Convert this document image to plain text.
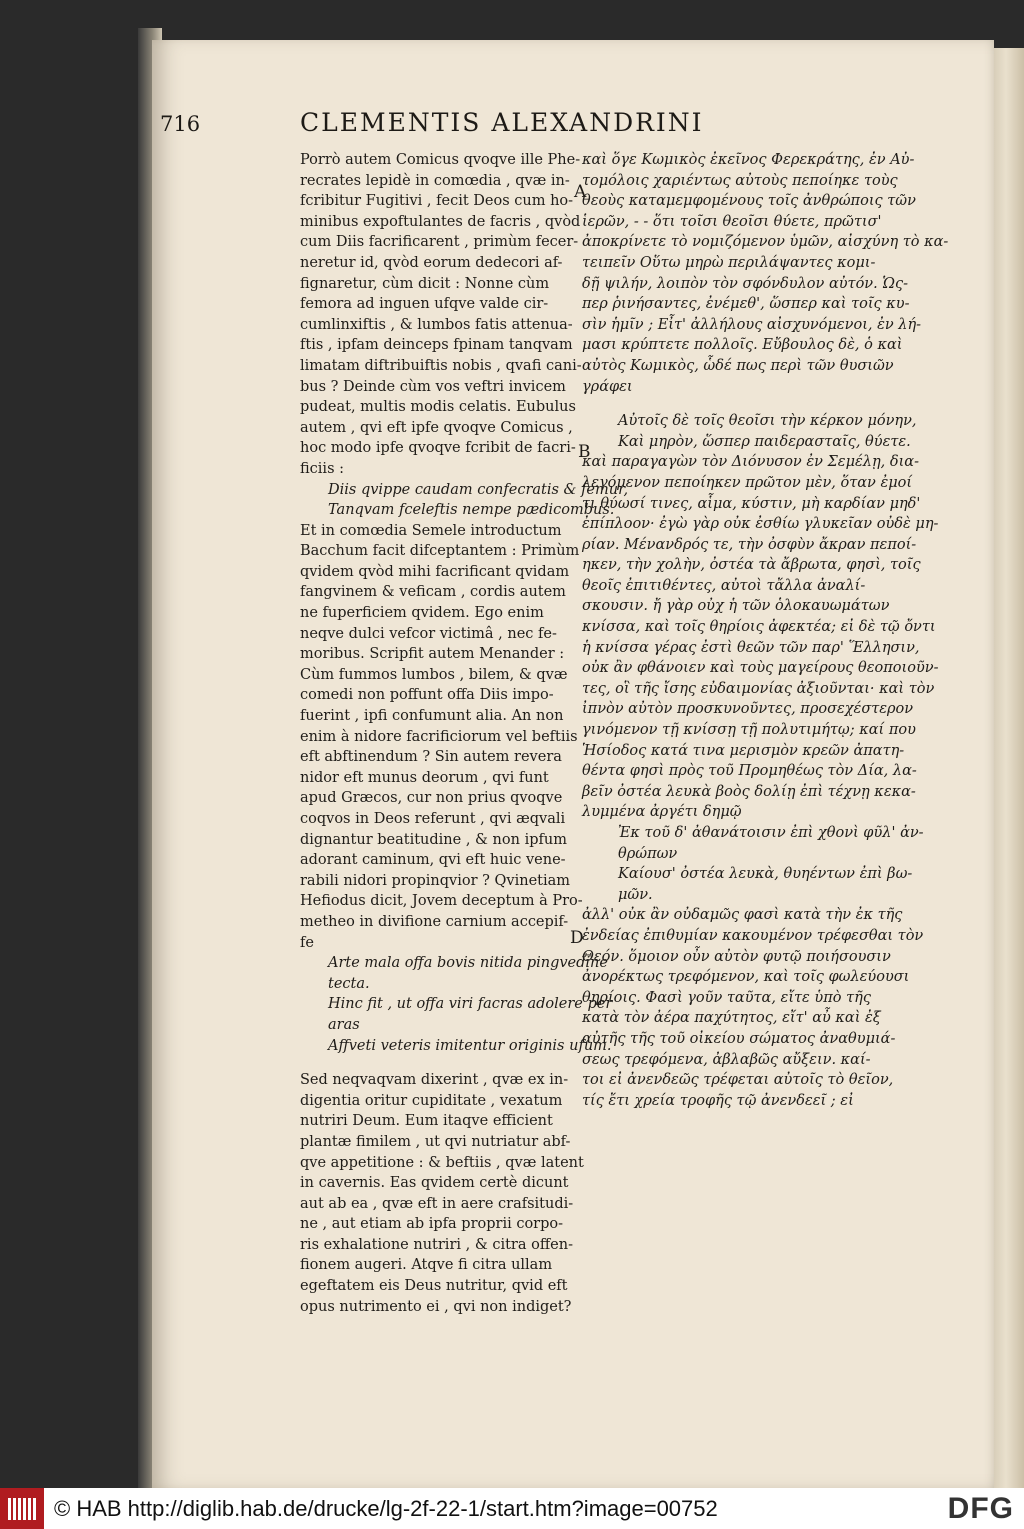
716	CLEMENTIS ALEXANDRINI
A
B
D
Porrò autem Comicus qvoqve ille Phe-
recrates lepidè in comœdia , qvæ in-
fcribitur Fugitivi , fecit Deos cum ho-
minibus expoftulantes de facris , qvòd
cum Diis facrificarent , primùm fecer-
neretur id, qvòd eorum dedecori af-
fignaretur, cùm dicit : Nonne cùm
femora ad inguen ufqve valde cir-
cumlinxiftis , & lumbos fatis attenua-
ftis , ipfam deinceps fpinam tanqvam
limatam diftribuiftis nobis , qvafi cani-
bus ? Deinde cùm vos veftri invicem
pudeat, multis modis celatis. Eubulus
autem , qvi eft ipfe qvoqve Comicus ,
hoc modo ipfe qvoqve fcribit de facri-
ficiis :
Diis qvippe caudam confecratis & femur,
Tanqvam fceleftis nempe pædicombus.
Et in comœdia Semele introductum
Bacchum facit difceptantem : Primùm
qvidem qvòd mihi facrificant qvidam
fangvinem & veficam , cordis autem
ne fuperficiem qvidem. Ego enim
neqve dulci vefcor victimâ , nec fe-
moribus. Scripfit autem Menander :
Cùm fummos lumbos , bilem, & qvæ
comedi non poffunt offa Diis impo-
fuerint , ipfi confumunt alia. An non
enim à nidore facrificiorum vel beftiis
eft abftinendum ? Sin autem revera
nidor eft munus deorum , qvi funt
apud Græcos, cur non prius qvoqve
coqvos in Deos referunt , qvi æqvali
dignantur beatitudine , & non ipfum
adorant caminum, qvi eft huic vene-
rabili nidori propinqvior ? Qvinetiam
Hefiodus dicit, Jovem deceptum à Pro-
metheo in divifione carnium accepif-
fe
Arte mala offa bovis nitida pingvedine
tecta.
Hinc fit , ut offa viri facras adolere per
aras
Affveti veteris imitentur originis ufum.
Sed neqvaqvam dixerint , qvæ ex in-
digentia oritur cupiditate , vexatum
nutriri Deum. Eum itaqve efficient
plantæ fimilem , ut qvi nutriatur abf-
qve appetitione : & beftiis , qvæ latent
in cavernis. Eas qvidem certè dicunt
aut ab ea , qvæ eft in aere crafsitudi-
ne , aut etiam ab ipfa proprii corpo-
ris exhalatione nutriri , & citra offen-
fionem augeri. Atqve fi citra ullam
egeftatem eis Deus nutritur, qvid eft
opus nutrimento ei , qvi non indiget?
καὶ ὅγε Κωμικὸς ἐκεῖνος Φερεκράτης, ἐν Αὐ-
τομόλοις χαριέντως αὐτοὺς πεποίηκε τοὺς
θεοὺς καταμεμφομένους τοῖς ἀνθρώποις τῶν
ἱερῶν, - - ὅτι τοῖσι θεοῖσι θύετε, πρῶτισ'
ἀποκρίνετε τὸ νομιζόμενον ὑμῶν, αἰσχύνη τὸ κα-
τειπεῖν Οὕτω μηρὼ περιλάψαντες κομι-
δῇ ψιλήν, λοιπὸν τὸν σφόνδυλον αὐτόν. Ὡς-
περ ῥινήσαντες, ἐνέμεθ', ὥσπερ καὶ τοῖς κυ-
σὶν ἡμῖν ; Εἶτ' ἀλλήλους αἰσχυνόμενοι, ἐν λή-
μασι κρύπτετε πολλοῖς. Εὔβουλος δὲ, ὁ καὶ
αὐτὸς Κωμικὸς, ὧδέ πως περὶ τῶν θυσιῶν
γράφει
Αὐτοῖς δὲ τοῖς θεοῖσι τὴν κέρκον μόνην,
Καὶ μηρὸν, ὥσπερ παιδερασταῖς, θύετε.
καὶ παραγαγὼν τὸν Διόνυσον ἐν Σεμέλῃ, δια-
λεγόμενον πεποίηκεν πρῶτον μὲν, ὅταν ἐμοί
τι θύωσί τινες, αἷμα, κύστιν, μὴ καρδίαν μηδ'
ἐπίπλοον· ἐγὼ γὰρ οὐκ ἐσθίω γλυκεῖαν οὐδὲ μη-
ρίαν. Μένανδρός τε, τὴν ὀσφὺν ἄκραν πεποί-
ηκεν, τὴν χολὴν, ὀστέα τὰ ἄβρωτα, φησὶ, τοῖς
θεοῖς ἐπιτιθέντες, αὐτοὶ τἄλλα ἀναλί-
σκουσιν. ἤ γὰρ οὐχ ἡ τῶν ὁλοκαυωμάτων
κνίσσα, καὶ τοῖς θηρίοις ἀφεκτέα; εἰ δὲ τῷ ὄντι
ἡ κνίσσα γέρας ἐστὶ θεῶν τῶν παρ' Ἕλλησιν,
οὐκ ἂν φθάνοιεν καὶ τοὺς μαγείρους θεοποιοῦν-
τες, οἳ τῆς ἴσης εὐδαιμονίας ἀξιοῦνται· καὶ τὸν
ἰπνὸν αὐτὸν προσκυνοῦντες, προσεχέστερον
γινόμενον τῇ κνίσσῃ τῇ πολυτιμήτῳ; καί που
Ἡσίοδος κατά τινα μερισμὸν κρεῶν ἀπατη-
θέντα φησὶ πρὸς τοῦ Προμηθέως τὸν Δία, λα-
βεῖν ὀστέα λευκὰ βοὸς δολίῃ ἐπὶ τέχνῃ κεκα-
λυμμένα ἀργέτι δημῷ
Ἐκ τοῦ δ' ἀθανάτοισιν ἐπὶ χθονὶ φῦλ' ἀν-
θρώπων
Καίουσ' ὀστέα λευκὰ, θυηέντων ἐπὶ βω-
μῶν.
ἀλλ' οὐκ ἂν οὐδαμῶς φασὶ κατὰ τὴν ἐκ τῆς
ἐνδείας ἐπιθυμίαν κακουμένον τρέφεσθαι τὸν
Θεόν. ὅμοιον οὖν αὐτὸν φυτῷ ποιήσουσιν
ἀνορέκτως τρεφόμενον, καὶ τοῖς φωλεύουσι
θηρίοις. Φασὶ γοῦν ταῦτα, εἴτε ὑπὸ τῆς
κατὰ τὸν ἀέρα παχύτητος, εἴτ' αὖ καὶ ἐξ
αὐτῆς τῆς τοῦ οἰκείου σώματος ἀναθυμιά-
σεως τρεφόμενα, ἀβλαβῶς αὔξειν. καί-
τοι εἰ ἀνενδεῶς τρέφεται αὐτοῖς τὸ θεῖον,
τίς ἔτι χρεία τροφῆς τῷ ἀνενδεεῖ ; εἰ
© HAB http://diglib.hab.de/drucke/lg-2f-22-1/start.htm?image=00752	DFG
